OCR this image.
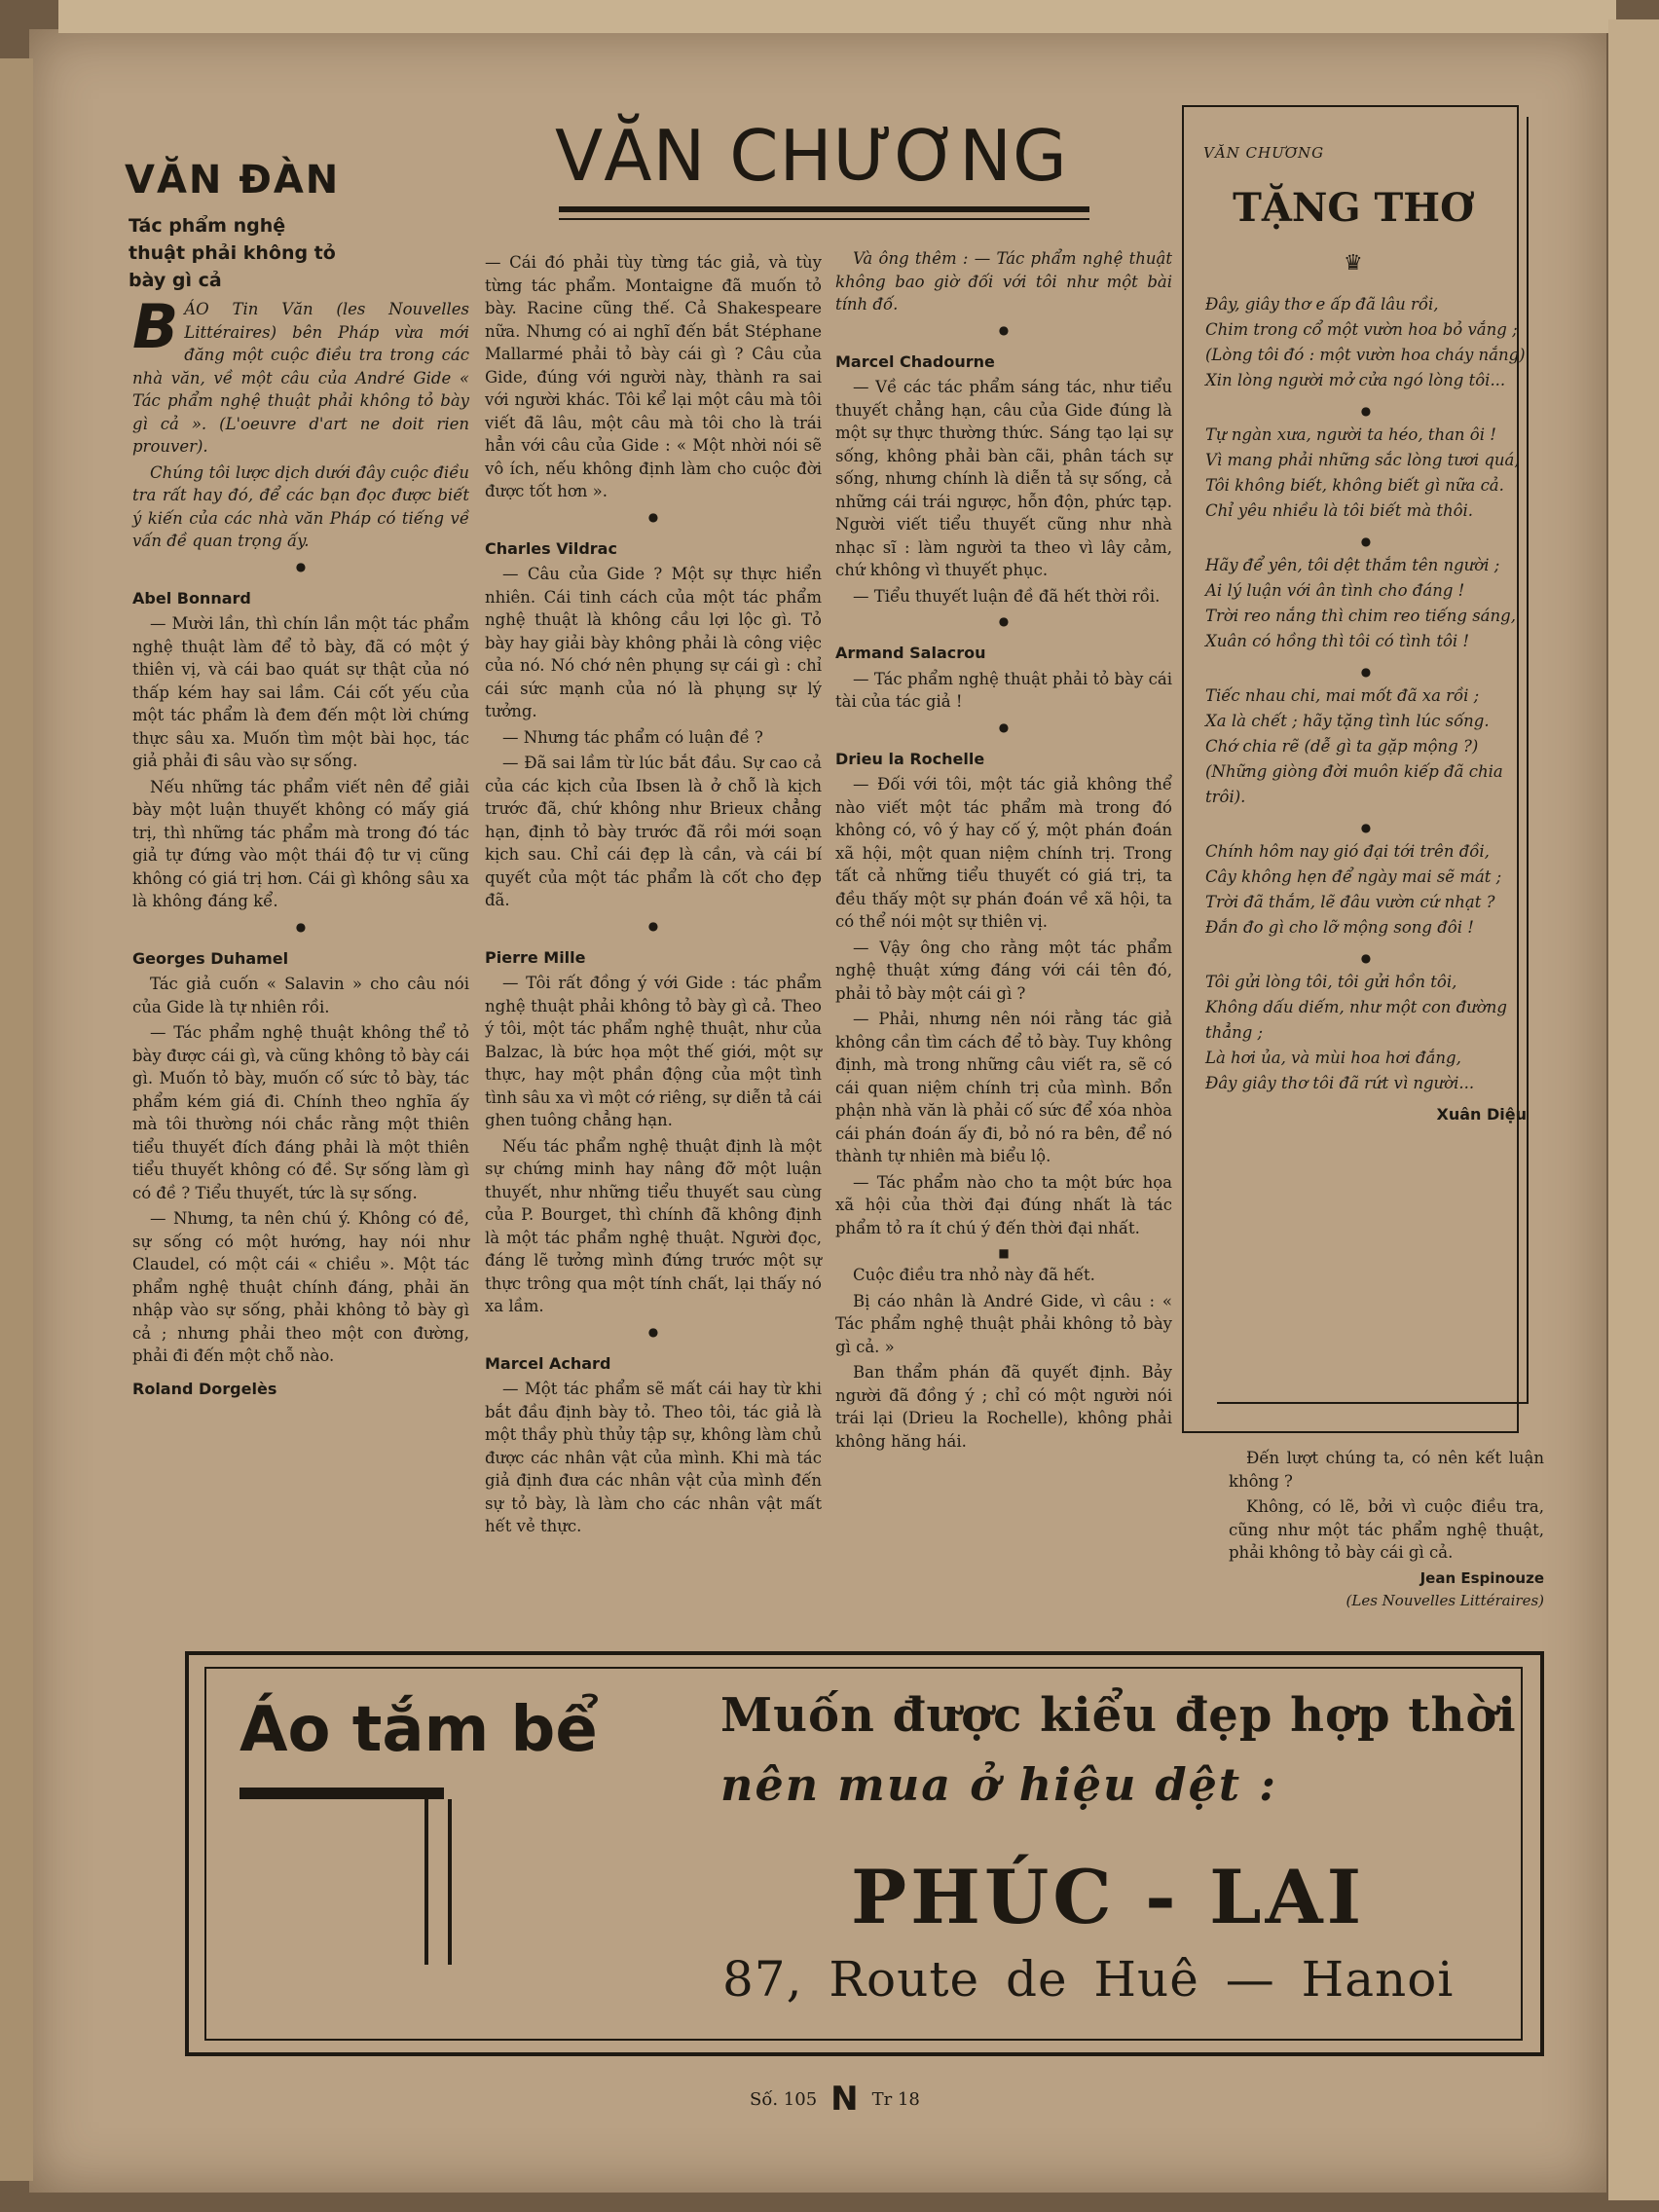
VĂN ĐÀN
Tác phẩm nghệ thuật phải không tỏ bày gì cả
VĂN CHƯƠNG

BÁO Tin Văn (les Nouvelles Littéraires) bên Pháp vừa mới đăng một cuộc điều tra trong các nhà văn, về một câu của André Gide « Tác phẩm nghệ thuật phải không tỏ bày gì cả ». (L'oeuvre d'art ne doit rien prouver).

Chúng tôi lược dịch dưới đây cuộc điều tra rất hay đó, để các bạn đọc được biết ý kiến của các nhà văn Pháp có tiếng về vấn đề quan trọng ấy.

●
Abel Bonnard

— Mười lần, thì chín lần một tác phẩm nghệ thuật làm để tỏ bày, đã có một ý thiên vị, và cái bao quát sự thật của nó thấp kém hay sai lầm. Cái cốt yếu của một tác phẩm là đem đến một lời chứng thực sâu xa. Muốn tìm một bài học, tác giả phải đi sâu vào sự sống.

Nếu những tác phẩm viết nên để giải bày một luận thuyết không có mấy giá trị, thì những tác phẩm mà trong đó tác giả tự đứng vào một thái độ tư vị cũng không có giá trị hơn. Cái gì không sâu xa là không đáng kể.

●
Georges Duhamel

Tác giả cuốn « Salavin » cho câu nói của Gide là tự nhiên rồi.

— Tác phẩm nghệ thuật không thể tỏ bày được cái gì, và cũng không tỏ bày cái gì. Muốn tỏ bày, muốn cố sức tỏ bày, tác phẩm kém giá đi. Chính theo nghĩa ấy mà tôi thường nói chắc rằng một thiên tiểu thuyết đích đáng phải là một thiên tiểu thuyết không có đề. Sự sống làm gì có đề ? Tiểu thuyết, tức là sự sống.

— Nhưng, ta nên chú ý. Không có đề, sự sống có một hướng, hay nói như Claudel, có một cái « chiều ». Một tác phẩm nghệ thuật chính đáng, phải ăn nhập vào sự sống, phải không tỏ bày gì cả ; nhưng phải theo một con đường, phải đi đến một chỗ nào.

Roland Dorgelès

— Cái đó phải tùy từng tác giả, và tùy từng tác phẩm. Montaigne đã muốn tỏ bày. Racine cũng thế. Cả Shakespeare nữa. Nhưng có ai nghĩ đến bắt Stéphane Mallarmé phải tỏ bày cái gì ? Câu của Gide, đúng với người này, thành ra sai với người khác. Tôi kể lại một câu mà tôi viết đã lâu, một câu mà tôi cho là trái hẳn với câu của Gide : « Một nhời nói sẽ vô ích, nếu không định làm cho cuộc đời được tốt hơn ».

●
Charles Vildrac

— Câu của Gide ? Một sự thực hiển nhiên. Cái tinh cách của một tác phẩm nghệ thuật là không cầu lợi lộc gì. Tỏ bày hay giải bày không phải là công việc của nó. Nó chớ nên phụng sự cái gì : chỉ cái sức mạnh của nó là phụng sự lý tưởng.

— Nhưng tác phẩm có luận đề ?

— Đã sai lầm từ lúc bắt đầu. Sự cao cả của các kịch của Ibsen là ở chỗ là kịch trước đã, chứ không như Brieux chẳng hạn, định tỏ bày trước đã rồi mới soạn kịch sau. Chỉ cái đẹp là cần, và cái bí quyết của một tác phẩm là cốt cho đẹp đã.

●
Pierre Mille

— Tôi rất đồng ý với Gide : tác phẩm nghệ thuật phải không tỏ bày gì cả. Theo ý tôi, một tác phẩm nghệ thuật, như của Balzac, là bức họa một thế giới, một sự thực, hay một phần động của một tình tình sâu xa vì một cớ riêng, sự diễn tả cái ghen tuông chẳng hạn.

Nếu tác phẩm nghệ thuật định là một sự chứng minh hay nâng đỡ một luận thuyết, như những tiểu thuyết sau cùng của P. Bourget, thì chính đã không định là một tác phẩm nghệ thuật. Người đọc, đáng lẽ tưởng mình đứng trước một sự thực trông qua một tính chất, lại thấy nó xa lầm.

●
Marcel Achard

— Một tác phẩm sẽ mất cái hay từ khi bắt đầu định bày tỏ. Theo tôi, tác giả là một thầy phù thủy tập sự, không làm chủ được các nhân vật của mình. Khi mà tác giả định đưa các nhân vật của mình đến sự tỏ bày, là làm cho các nhân vật mất hết vẻ thực.

Và ông thêm : — Tác phẩm nghệ thuật không bao giờ đối với tôi như một bài tính đố.

●
Marcel Chadourne

— Về các tác phẩm sáng tác, như tiểu thuyết chẳng hạn, câu của Gide đúng là một sự thực thường thức. Sáng tạo lại sự sống, không phải bàn cãi, phân tách sự sống, nhưng chính là diễn tả sự sống, cả những cái trái ngược, hỗn độn, phức tạp. Người viết tiểu thuyết cũng như nhà nhạc sĩ : làm người ta theo vì lây cảm, chứ không vì thuyết phục.

— Tiểu thuyết luận đề đã hết thời rồi.

●
Armand Salacrou

— Tác phẩm nghệ thuật phải tỏ bày cái tài của tác giả !

●
Drieu la Rochelle

— Đối với tôi, một tác giả không thể nào viết một tác phẩm mà trong đó không có, vô ý hay cố ý, một phán đoán xã hội, một quan niệm chính trị. Trong tất cả những tiểu thuyết có giá trị, ta đều thấy một sự phán đoán về xã hội, ta có thể nói một sự thiên vị.

— Vậy ông cho rằng một tác phẩm nghệ thuật xứng đáng với cái tên đó, phải tỏ bày một cái gì ?

— Phải, nhưng nên nói rằng tác giả không cần tìm cách để tỏ bày. Tuy không định, mà trong những câu viết ra, sẽ có cái quan niệm chính trị của mình. Bổn phận nhà văn là phải cố sức để xóa nhòa cái phán đoán ấy đi, bỏ nó ra bên, để nó thành tự nhiên mà biểu lộ.

— Tác phẩm nào cho ta một bức họa xã hội của thời đại đúng nhất là tác phẩm tỏ ra ít chú ý đến thời đại nhất.

■

Cuộc điều tra nhỏ này đã hết.

Bị cáo nhân là André Gide, vì câu : « Tác phẩm nghệ thuật phải không tỏ bày gì cả. »

Ban thẩm phán đã quyết định. Bảy người đã đồng ý ; chỉ có một người nói trái lại (Drieu la Rochelle), không phải không hăng hái.

VĂN CHƯƠNG
TẶNG THƠ
♛
Đây, giây thơ e ấp đã lâu rồi,
Chim trong cổ một vườn hoa bỏ vắng ;
(Lòng tôi đó : một vườn hoa cháy nắng)
Xin lòng người mở cửa ngó lòng tôi...
●
Tự ngàn xưa, người ta héo, than ôi !
Vì mang phải những sắc lòng tươi quá,
Tôi không biết, không biết gì nữa cả.
Chỉ yêu nhiều là tôi biết mà thôi.
●
Hãy để yên, tôi dệt thắm tên người ;
Ai lý luận với ân tình cho đáng !
Trời reo nắng thì chim reo tiếng sáng,
Xuân có hồng thì tôi có tình tôi !
●
Tiếc nhau chi, mai mốt đã xa rồi ;
Xa là chết ; hãy tặng tình lúc sống.
Chớ chia rẽ (dễ gì ta gặp mộng ?)
(Những giòng đời muôn kiếp đã chia trôi).
●
Chính hôm nay gió đại tới trên đồi,
Cây không hẹn để ngày mai sẽ mát ;
Trời đã thắm, lẽ đâu vườn cứ nhạt ?
Đắn đo gì cho lỡ mộng song đôi !
●
Tôi gửi lòng tôi, tôi gửi hồn tôi,
Không dấu diếm, như một con đường thẳng ;
Là hơi ủa, và mùi hoa hơi đắng,
Đây giây thơ tôi đã rứt vì người...
Xuân Diệu

Đến lượt chúng ta, có nên kết luận không ?

Không, có lẽ, bởi vì cuộc điều tra, cũng như một tác phẩm nghệ thuật, phải không tỏ bày cái gì cả.

Jean Espinouze
(Les Nouvelles Littéraires)
Áo tắm bể	Muốn được kiểu đẹp hợp thời
nên mua ở hiệu dệt :
PHÚC - LAI
87, Route de Huê — Hanoi
Số. 105 N Tr 18
